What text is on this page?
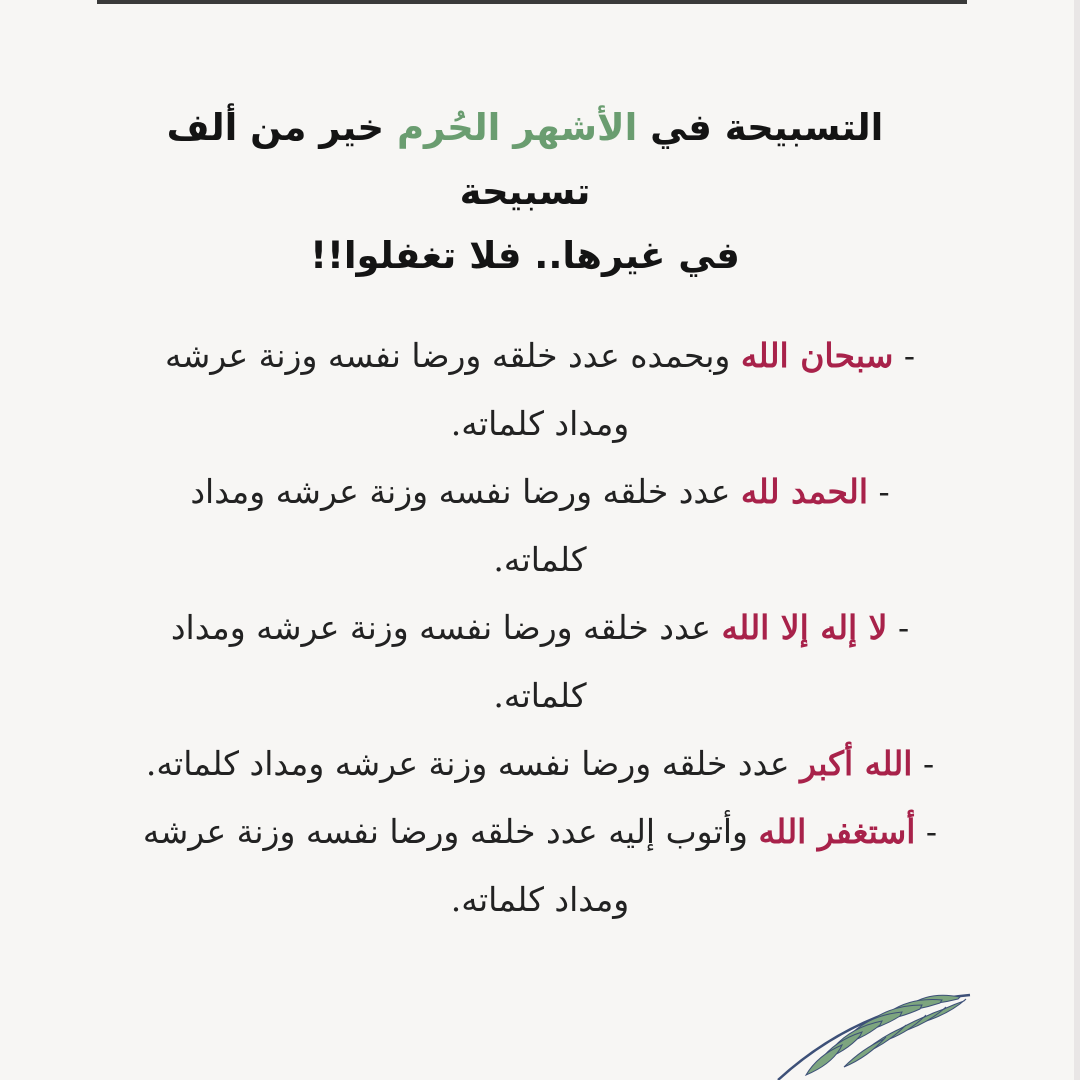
التسبيحة في الأشهر الحُرم خير من ألف تسبيحة
في غيرها.. فلا تغفلوا!!
- سبحان الله وبحمده عدد خلقه ورضا نفسه وزنة عرشه ومداد كلماته.
- الحمد لله عدد خلقه ورضا نفسه وزنة عرشه ومداد كلماته.
- لا إله إلا الله عدد خلقه ورضا نفسه وزنة عرشه ومداد كلماته.
- الله أكبر عدد خلقه ورضا نفسه وزنة عرشه ومداد كلماته.
- أستغفر الله وأتوب إليه عدد خلقه ورضا نفسه وزنة عرشه ومداد كلماته.
